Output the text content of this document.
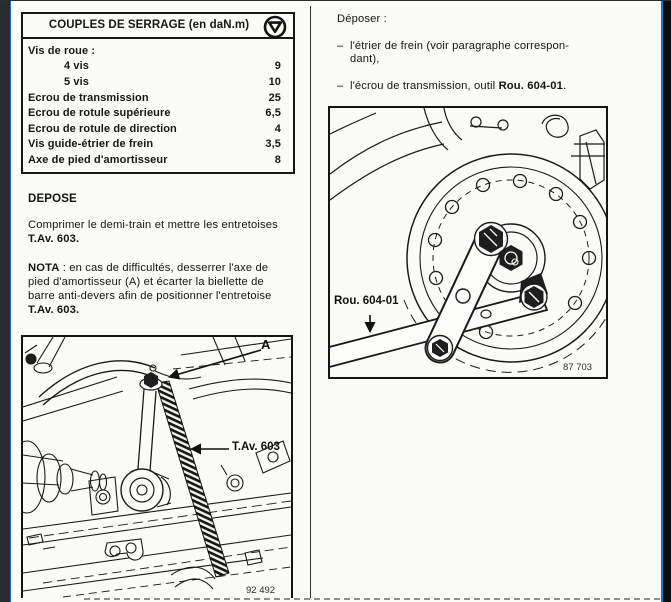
COUPLES DE SERRAGE (en daN.m)
Vis de roue :
4 vis	9
5 vis	10
Ecrou de transmission	25
Ecrou de rotule supérieure	6,5
Ecrou de rotule de direction	4
Vis guide-étrier de frein	3,5
Axe de pied d'amortisseur	8
DEPOSE
Comprimer le demi-train et mettre les entretoises
T.Av. 603.
NOTA : en cas de difficultés, desserrer l'axe de
pied d'amortisseur (A) et écarter la biellette de
barre anti-devers afin de positionner l'entretoise
T.Av. 603.
Déposer :
– l'étrier de frein (voir paragraphe correspon-
dant),
– l'écrou de transmission, outil Rou. 604-01.
Rou. 604-01
87 703
A
T.Av. 603
92 492
